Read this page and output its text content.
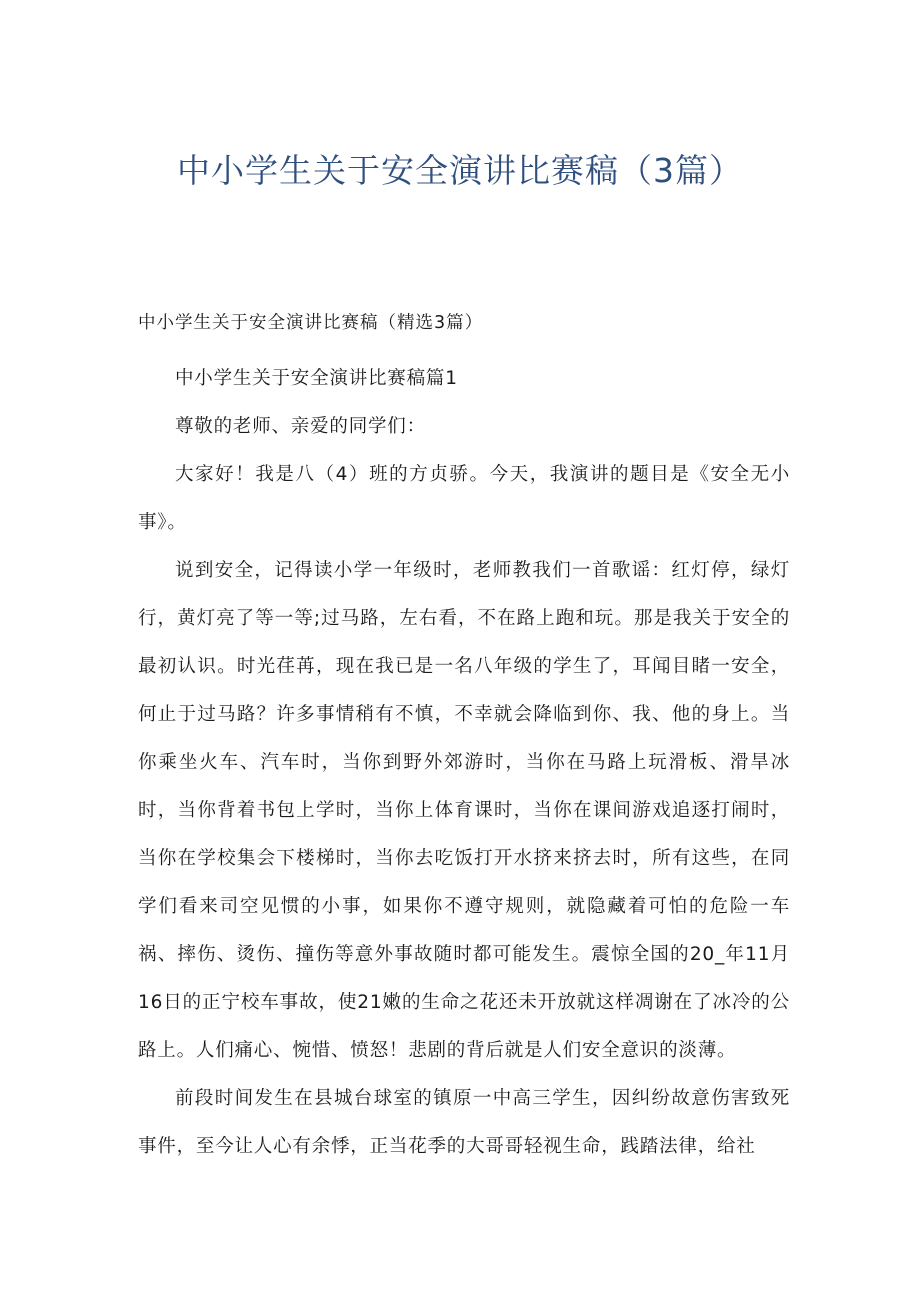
中小学生关于安全演讲比赛稿（3篇）

中小学生关于安全演讲比赛稿（精选3篇）

中小学生关于安全演讲比赛稿篇1

尊敬的老师、亲爱的同学们：

大家好！我是八（4）班的方贞骄。今天，我演讲的题目是《安全无小事》。

说到安全，记得读小学一年级时，老师教我们一首歌谣：红灯停，绿灯行，黄灯亮了等一等;过马路，左右看，不在路上跑和玩。那是我关于安全的最初认识。时光荏苒，现在我已是一名八年级的学生了，耳闻目睹一安全，何止于过马路？许多事情稍有不慎，不幸就会降临到你、我、他的身上。当你乘坐火车、汽车时，当你到野外郊游时，当你在马路上玩滑板、滑旱冰时，当你背着书包上学时，当你上体育课时，当你在课间游戏追逐打闹时，当你在学校集会下楼梯时，当你去吃饭打开水挤来挤去时，所有这些，在同学们看来司空见惯的小事，如果你不遵守规则，就隐藏着可怕的危险一车祸、摔伤、烫伤、撞伤等意外事故随时都可能发生。震惊全国的20_年11月16日的正宁校车事故，使21嫩的生命之花还未开放就这样凋谢在了冰冷的公路上。人们痛心、惋惜、愤怒！悲剧的背后就是人们安全意识的淡薄。

前段时间发生在县城台球室的镇原一中高三学生，因纠纷故意伤害致死事件，至今让人心有余悸，正当花季的大哥哥轻视生命，践踏法律，给社
